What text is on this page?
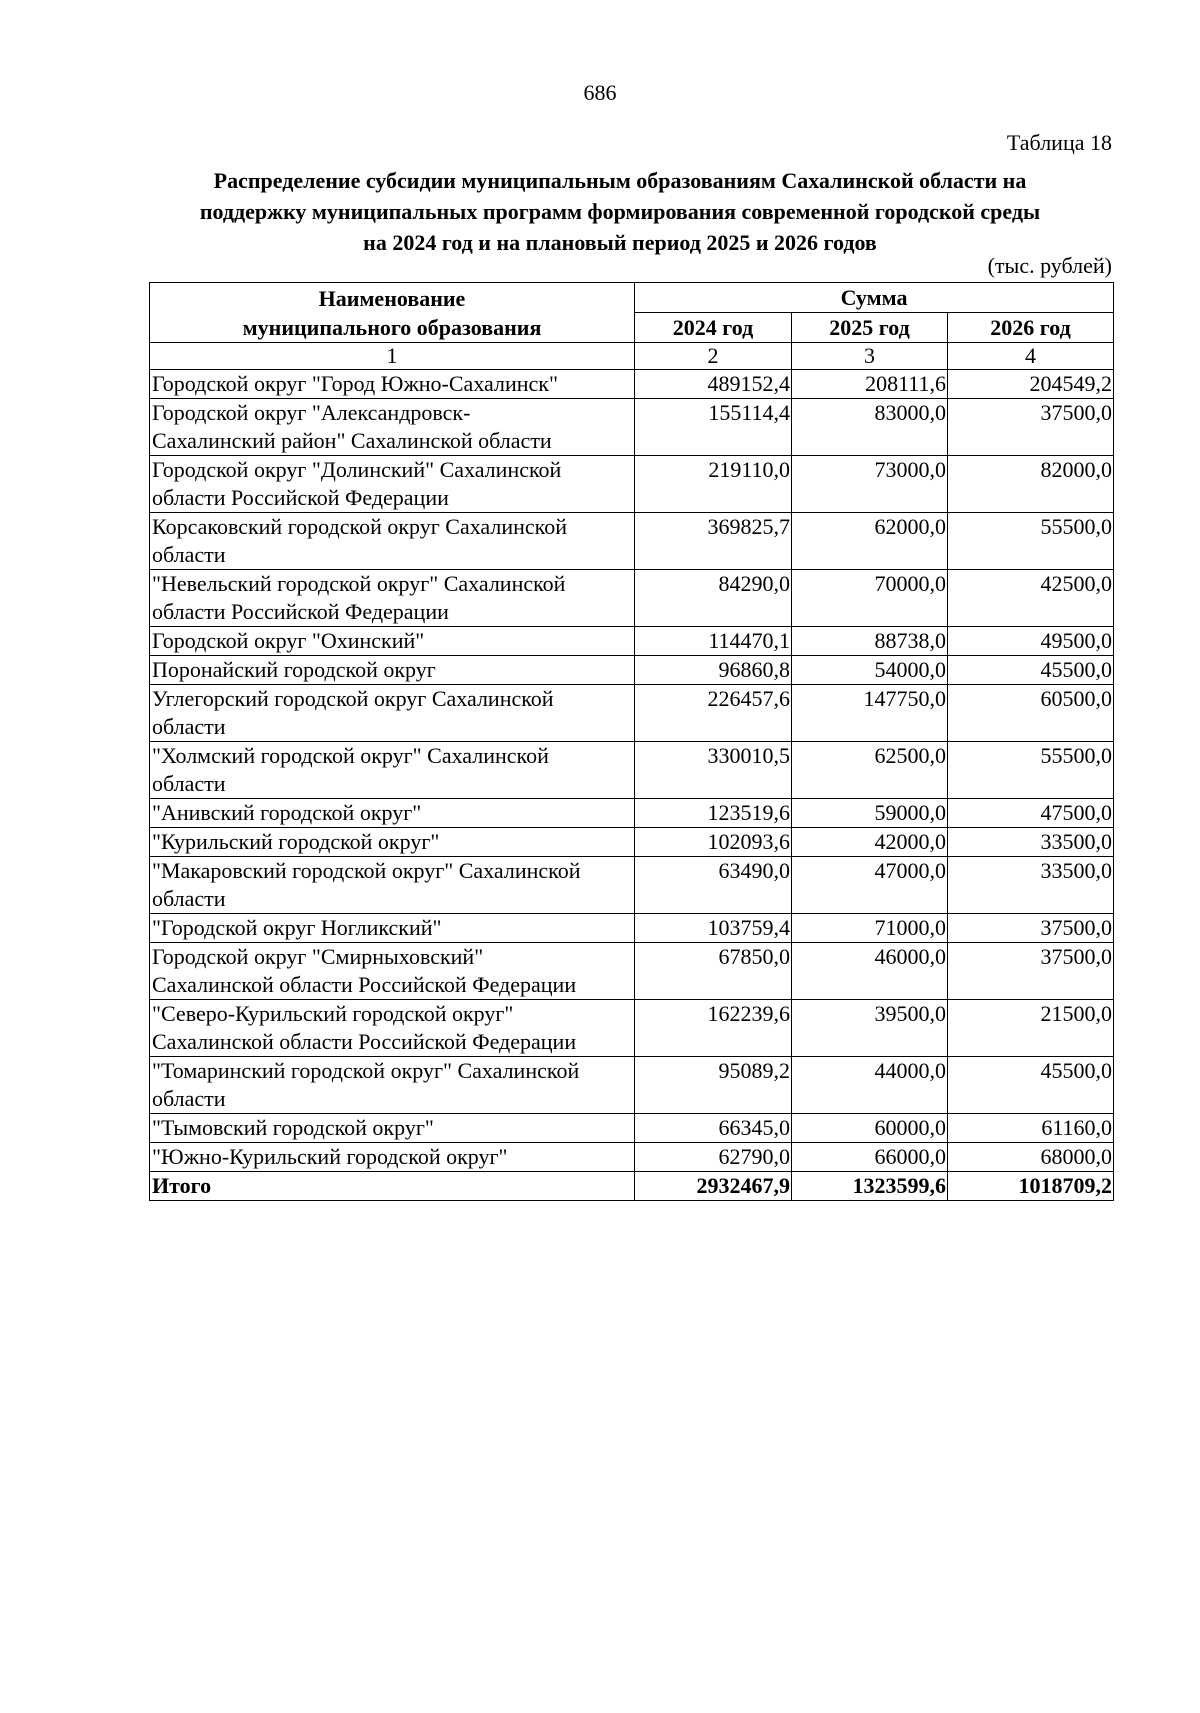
686
Таблица 18
Распределение субсидии муниципальным образованиям Сахалинской области на
поддержку муниципальных программ формирования современной городской среды
на 2024 год и на плановый период 2025 и 2026 годов
(тыс. рублей)
Наименование
муниципального образования	Сумма		
	2024 год	2025 год	2026 год
1	2	3	4

Городской округ "Город Южно-Сахалинск"	489152,4	208111,6	204549,2

Городской округ "Александровск-
Сахалинский район" Сахалинской области	155114,4	83000,0	37500,0

Городской округ "Долинский" Сахалинской
области Российской Федерации	219110,0	73000,0	82000,0

Корсаковский городской округ Сахалинской
области	369825,7	62000,0	55500,0

"Невельский городской округ" Сахалинской
области Российской Федерации	84290,0	70000,0	42500,0

Городской округ "Охинский"	114470,1	88738,0	49500,0

Поронайский городской округ	96860,8	54000,0	45500,0

Углегорский городской округ Сахалинской
области	226457,6	147750,0	60500,0

"Холмский городской округ" Сахалинской
области	330010,5	62500,0	55500,0

"Анивский городской округ"	123519,6	59000,0	47500,0

"Курильский городской округ"	102093,6	42000,0	33500,0

"Макаровский городской округ" Сахалинской
области	63490,0	47000,0	33500,0

"Городской округ Ногликский"	103759,4	71000,0	37500,0

Городской округ "Смирныховский"
Сахалинской области Российской Федерации	67850,0	46000,0	37500,0

"Северо-Курильский городской округ"
Сахалинской области Российской Федерации	162239,6	39500,0	21500,0

"Томаринский городской округ" Сахалинской
области	95089,2	44000,0	45500,0

"Тымовский городской округ"	66345,0	60000,0	61160,0

"Южно-Курильский городской округ"	62790,0	66000,0	68000,0
Итого	2932467,9	1323599,6	1018709,2
